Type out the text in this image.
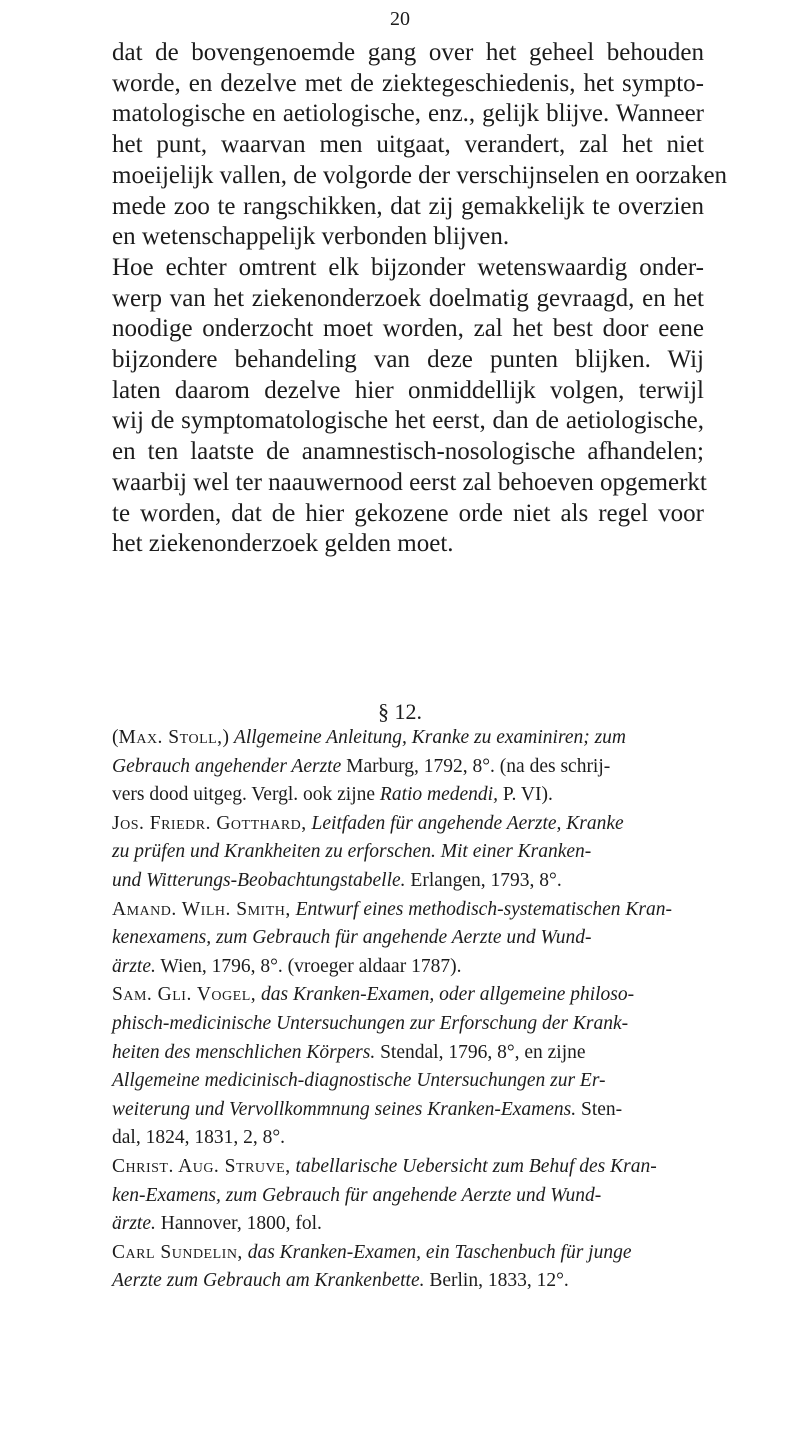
20
dat de bovengenoemde gang over het geheel behouden
worde, en dezelve met de ziektegeschiedenis, het sympto-
matologische en aetiologische, enz., gelijk blijve. Wanneer
het punt, waarvan men uitgaat, verandert, zal het niet
moeijelijk vallen, de volgorde der verschijnselen en oorzaken
mede zoo te rangschikken, dat zij gemakkelijk te overzien
en wetenschappelijk verbonden blijven.
Hoe echter omtrent elk bijzonder wetenswaardig onder-
werp van het ziekenonderzoek doelmatig gevraagd, en het
noodige onderzocht moet worden, zal het best door eene
bijzondere behandeling van deze punten blijken. Wij
laten daarom dezelve hier onmiddellijk volgen, terwijl
wij de symptomatologische het eerst, dan de aetiologische,
en ten laatste de anamnestisch-nosologische afhandelen;
waarbij wel ter naauwernood eerst zal behoeven opgemerkt
te worden, dat de hier gekozene orde niet als regel voor
het ziekenonderzoek gelden moet.
§ 12.
(Max. Stoll,) Allgemeine Anleitung, Kranke zu examiniren; zum
Gebrauch angehender Aerzte Marburg, 1792, 8°. (na des schrij-
vers dood uitgeg. Vergl. ook zijne Ratio medendi, P. VI).
Jos. Friedr. Gotthard, Leitfaden für angehende Aerzte, Kranke
zu prüfen und Krankheiten zu erforschen. Mit einer Kranken-
und Witterungs-Beobachtungstabelle. Erlangen, 1793, 8°.
Amand. Wilh. Smith, Entwurf eines methodisch-systematischen Kran-
kenexamens, zum Gebrauch für angehende Aerzte und Wund-
ärzte. Wien, 1796, 8°. (vroeger aldaar 1787).
Sam. Gli. Vogel, das Kranken-Examen, oder allgemeine philoso-
phisch-medicinische Untersuchungen zur Erforschung der Krank-
heiten des menschlichen Körpers. Stendal, 1796, 8°, en zijne
Allgemeine medicinisch-diagnostische Untersuchungen zur Er-
weiterung und Vervollkommnung seines Kranken-Examens. Sten-
dal, 1824, 1831, 2, 8°.
Christ. Aug. Struve, tabellarische Uebersicht zum Behuf des Kran-
ken-Examens, zum Gebrauch für angehende Aerzte und Wund-
ärzte. Hannover, 1800, fol.
Carl Sundelin, das Kranken-Examen, ein Taschenbuch für junge
Aerzte zum Gebrauch am Krankenbette. Berlin, 1833, 12°.
